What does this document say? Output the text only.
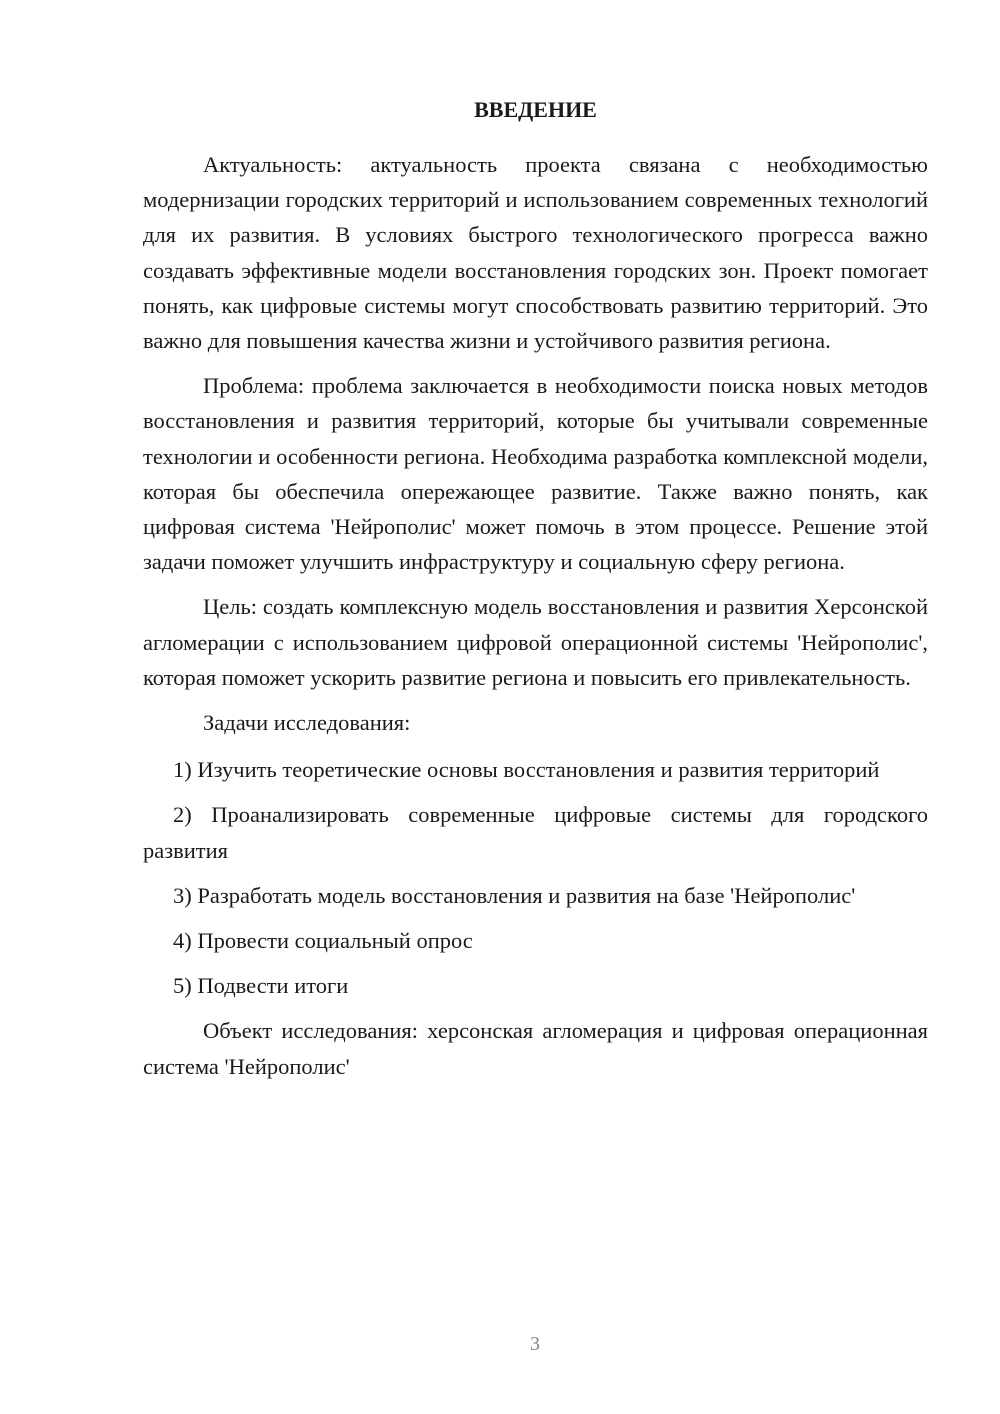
ВВЕДЕНИЕ

Актуальность: актуальность проекта связана с необходимостью модернизации городских территорий и использованием современных технологий для их развития. В условиях быстрого технологического прогресса важно создавать эффективные модели восстановления городских зон. Проект помогает понять, как цифровые системы могут способствовать развитию территорий. Это важно для повышения качества жизни и устойчивого развития региона.

Проблема: проблема заключается в необходимости поиска новых методов восстановления и развития территорий, которые бы учитывали современные технологии и особенности региона. Необходима разработка комплексной модели, которая бы обеспечила опережающее развитие. Также важно понять, как цифровая система 'Нейрополис' может помочь в этом процессе. Решение этой задачи поможет улучшить инфраструктуру и социальную сферу региона.

Цель: создать комплексную модель восстановления и развития Херсонской агломерации с использованием цифровой операционной системы 'Нейрополис', которая поможет ускорить развитие региона и повысить его привлекательность.

Задачи исследования:

1) Изучить теоретические основы восстановления и развития территорий

2) Проанализировать современные цифровые системы для городского развития

3) Разработать модель восстановления и развития на базе 'Нейрополис'

4) Провести социальный опрос

5) Подвести итоги

Объект исследования: херсонская агломерация и цифровая операционная система 'Нейрополис'

3
